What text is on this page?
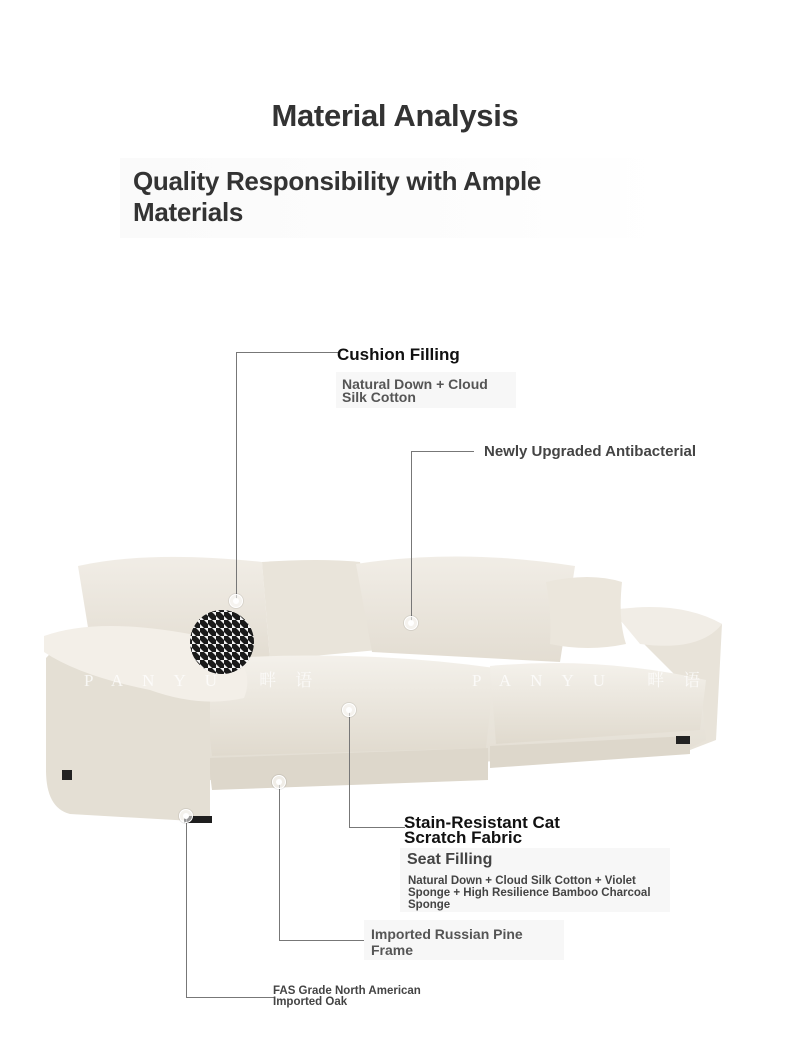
Material Analysis
Quality Responsibility with Ample Materials
PANYU 畔语	PANYU 畔语
Cushion Filling
Natural Down + Cloud Silk Cotton
Newly Upgraded Antibacterial
Stain-Resistant Cat Scratch Fabric
Seat Filling
Natural Down + Cloud Silk Cotton + Violet Sponge + High Resilience Bamboo Charcoal Sponge
Imported Russian Pine Frame
FAS Grade North American Imported Oak
